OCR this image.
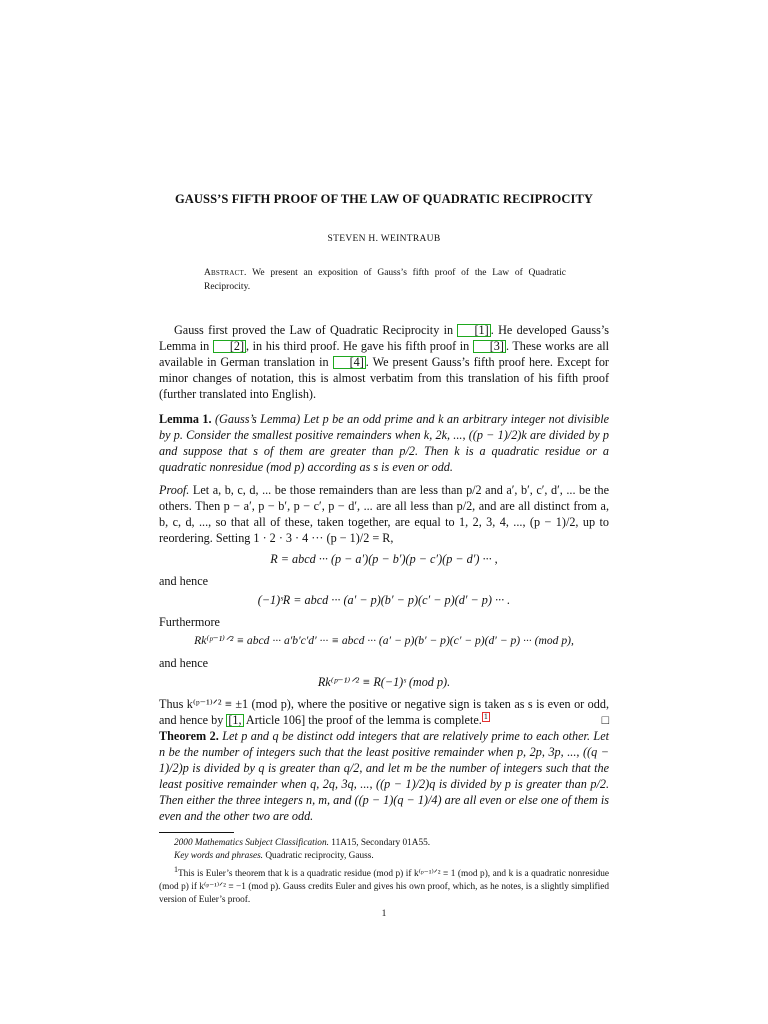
GAUSS’S FIFTH PROOF OF THE LAW OF QUADRATIC RECIPROCITY
STEVEN H. WEINTRAUB
Abstract. We present an exposition of Gauss’s fifth proof of the Law of Quadratic Reciprocity.
Gauss first proved the Law of Quadratic Reciprocity in [1] . He developed Gauss’s Lemma in [2] , in his third proof. He gave his fifth proof in [3] . These works are all available in German translation in [4] . We present Gauss’s fifth proof here. Except for minor changes of notation, this is almost verbatim from this translation of his fifth proof (further translated into English).
Lemma 1. (Gauss’s Lemma) Let p be an odd prime and k an arbitrary integer not divisible by p. Consider the smallest positive remainders when k, 2k, ..., ((p − 1)/2)k are divided by p and suppose that s of them are greater than p/2. Then k is a quadratic residue or a quadratic nonresidue (mod p) according as s is even or odd.
Proof. Let a, b, c, d, ... be those remainders than are less than p/2 and a′, b′, c′, d′, ... be the others. Then p − a′, p − b′, p − c′, p − d′, ... are all less than p/2, and are all distinct from a, b, c, d, ..., so that all of these, taken together, are equal to 1, 2, 3, 4, ..., (p − 1)/2, up to reordering. Setting 1 · 2 · 3 · 4 ··· (p − 1)/2 = R,
R = abcd ··· (p − a′)(p − b′)(p − c′)(p − d′) ··· ,
and hence
(−1)ˢR = abcd ··· (a′ − p)(b′ − p)(c′ − p)(d′ − p) ··· .
Furthermore
Rk⁽ᵖ⁻¹⁾ᐟ² ≡ abcd ··· a′b′c′d′ ··· ≡ abcd ··· (a′ − p)(b′ − p)(c′ − p)(d′ − p) ··· (mod p),
and hence
Rk⁽ᵖ⁻¹⁾ᐟ² ≡ R(−1)ˢ (mod p).
Thus k⁽ᵖ⁻¹⁾ᐟ² ≡ ±1 (mod p), where the positive or negative sign is taken as s is even or odd, and hence by [1, Article 106] the proof of the lemma is complete. 1	□
Theorem 2. Let p and q be distinct odd integers that are relatively prime to each other. Let n be the number of integers such that the least positive remainder when p, 2p, 3p, ..., ((q − 1)/2)p is divided by q is greater than q/2, and let m be the number of integers such that the least positive remainder when q, 2q, 3q, ..., ((p − 1)/2)q is divided by p is greater than p/2. Then either the three integers n, m, and ((p − 1)(q − 1)/4) are all even or else one of them is even and the other two are odd.
2000 Mathematics Subject Classification. 11A15, Secondary 01A55.
Key words and phrases. Quadratic reciprocity, Gauss.
$^1$This is Euler’s theorem that k is a quadratic residue (mod p) if k⁽ᵖ⁻¹⁾ᐟ² ≡ 1 (mod p), and k is a quadratic nonresidue (mod p) if k⁽ᵖ⁻¹⁾ᐟ² ≡ −1 (mod p). Gauss credits Euler and gives his own proof, which, as he notes, is a slightly simplified version of Euler’s proof.
1
